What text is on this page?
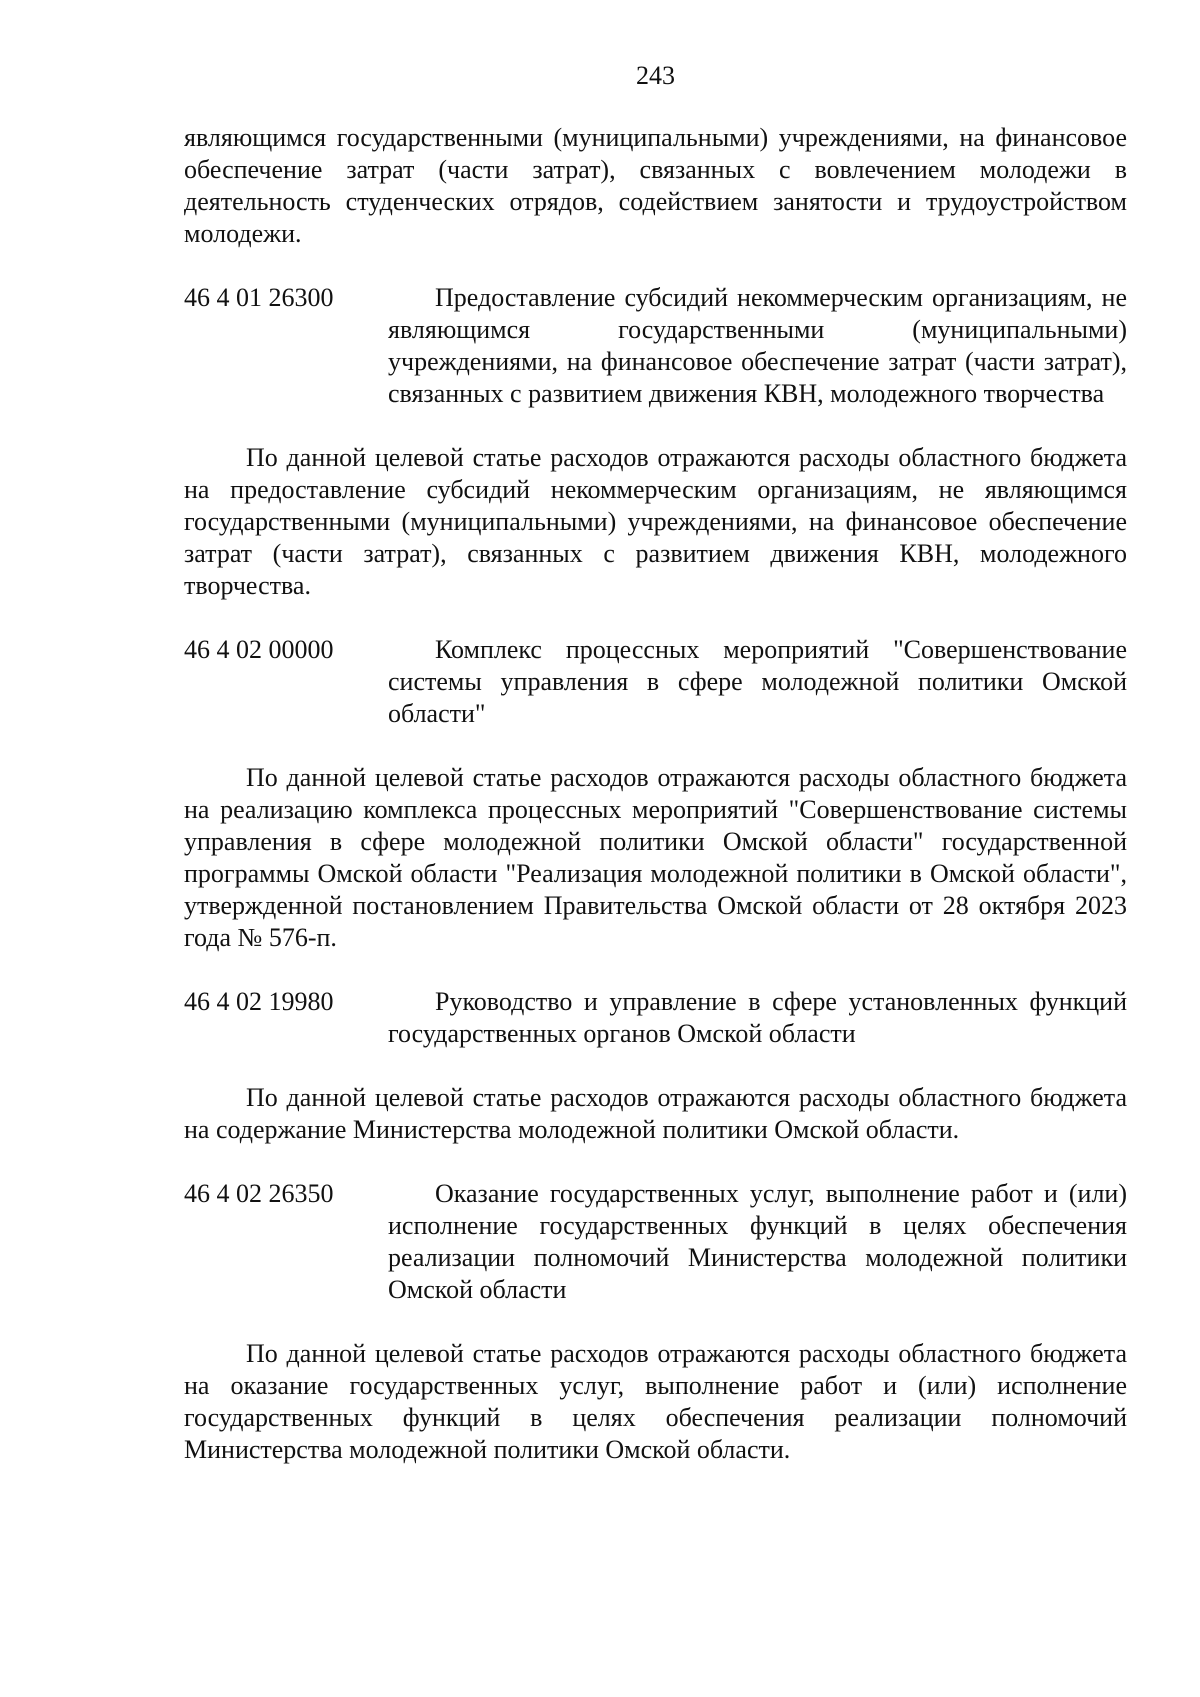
243

являющимся государственными (муниципальными) учреждениями, на финансовое обеспечение затрат (части затрат), связанных с вовлечением молодежи в деятельность студенческих отрядов, содействием занятости и трудоустройством молодежи.

46 4 01 26300	Предоставление субсидий некоммерческим организациям, не являющимся государственными (муниципальными) учреждениями, на финансовое обеспечение затрат (части затрат), связанных с развитием движения КВН, молодежного творчества

По данной целевой статье расходов отражаются расходы областного бюджета на предоставление субсидий некоммерческим организациям, не являющимся государственными (муниципальными) учреждениями, на финансовое обеспечение затрат (части затрат), связанных с развитием движения КВН, молодежного творчества.

46 4 02 00000	Комплекс процессных мероприятий "Совершенствование системы управления в сфере молодежной политики Омской области"

По данной целевой статье расходов отражаются расходы областного бюджета на реализацию комплекса процессных мероприятий "Совершенствование системы управления в сфере молодежной политики Омской области" государственной программы Омской области "Реализация молодежной политики в Омской области", утвержденной постановлением Правительства Омской области от 28 октября 2023 года № 576-п.

46 4 02 19980	Руководство и управление в сфере установленных функций государственных органов Омской области

По данной целевой статье расходов отражаются расходы областного бюджета на содержание Министерства молодежной политики Омской области.

46 4 02 26350	Оказание государственных услуг, выполнение работ и (или) исполнение государственных функций в целях обеспечения реализации полномочий Министерства молодежной политики Омской области

По данной целевой статье расходов отражаются расходы областного бюджета на оказание государственных услуг, выполнение работ и (или) исполнение государственных функций в целях обеспечения реализации полномочий Министерства молодежной политики Омской области.
